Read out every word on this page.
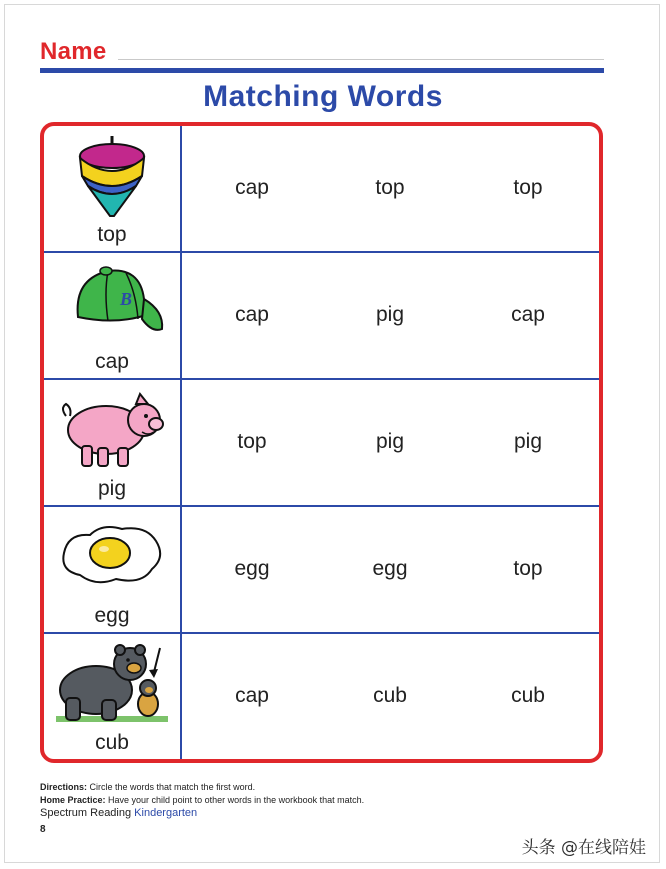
Name
Matching Words
top
cap	top	top
B
cap
cap	pig	cap
pig
top	pig	pig
egg
egg	egg	top
cub
cap	cub	cub
Directions: Circle the words that match the first word.
Home Practice: Have your child point to other words in the workbook that match.
Spectrum Reading Kindergarten
8
头条 @在线陪娃
